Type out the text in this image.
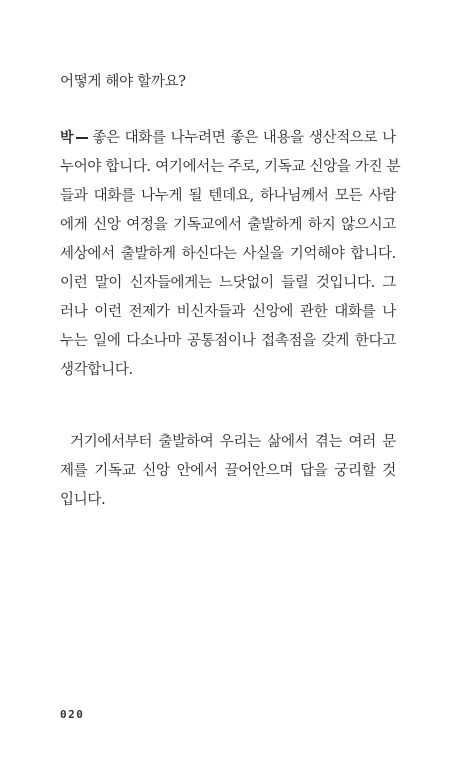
어떻게 해야 할까요?
박 좋은 대화를 나누려면 좋은 내용을 생산적으로 나
누어야 합니다. 여기에서는 주로, 기독교 신앙을 가진 분
들과 대화를 나누게 될 텐데요, 하나님께서 모든 사람
에게 신앙 여정을 기독교에서 출발하게 하지 않으시고
세상에서 출발하게 하신다는 사실을 기억해야 합니다.
이런 말이 신자들에게는 느닷없이 들릴 것입니다. 그
러나 이런 전제가 비신자들과 신앙에 관한 대화를 나
누는 일에 다소나마 공통점이나 접촉점을 갖게 한다고
생각합니다.
거기에서부터 출발하여 우리는 삶에서 겪는 여러 문
제를 기독교 신앙 안에서 끌어안으며 답을 궁리할 것
입니다.
020
